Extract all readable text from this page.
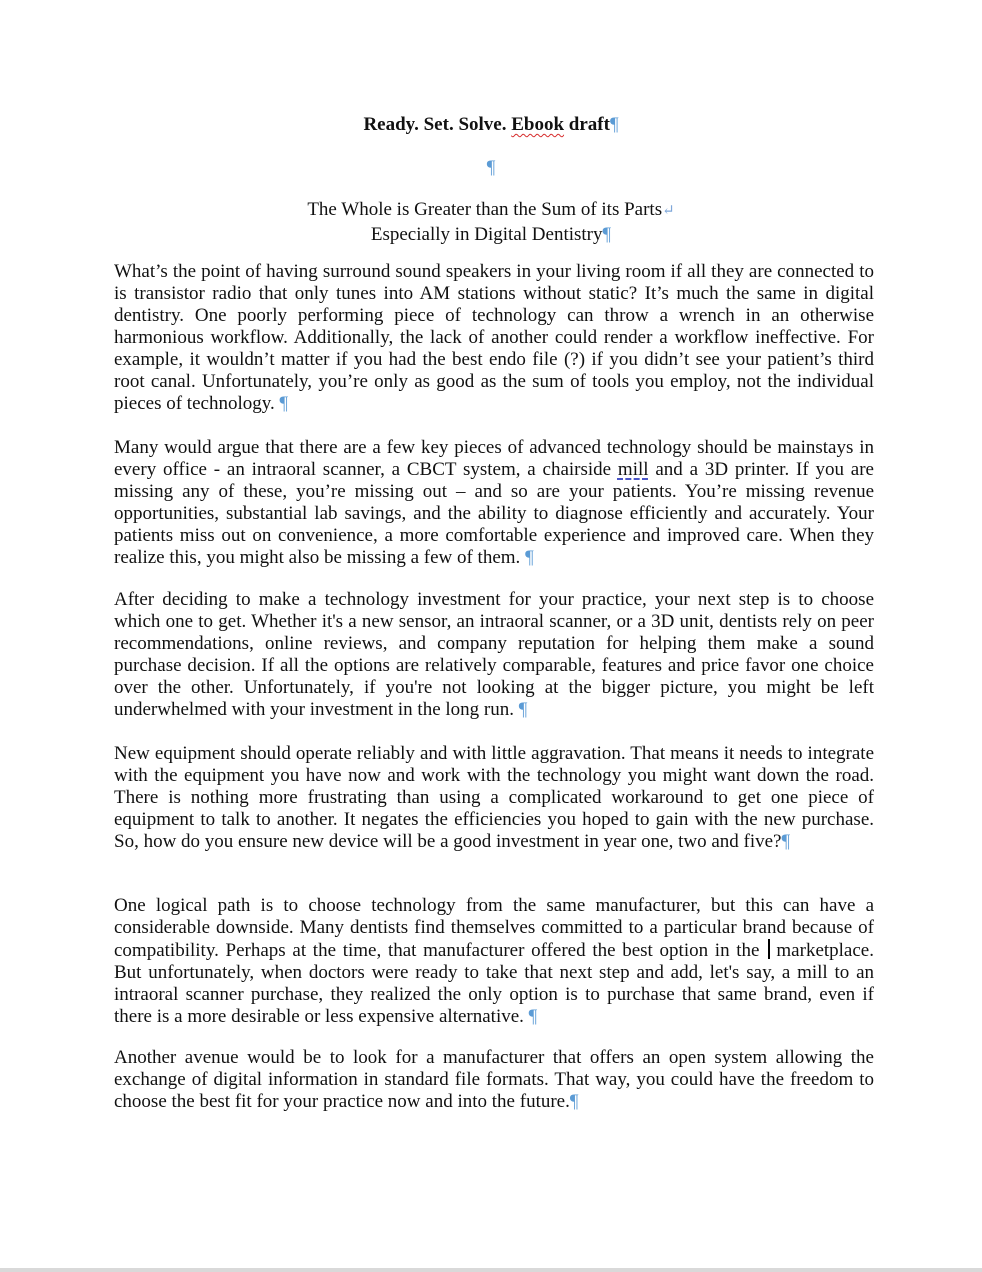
Ready. Set. Solve. Ebook draft¶
¶
The Whole is Greater than the Sum of its Parts↵
Especially in Digital Dentistry¶

What’s the point of having surround sound speakers in your living room if all they are connected to is transistor radio that only tunes into AM stations without static? It’s much the same in digital dentistry. One poorly performing piece of technology can throw a wrench in an otherwise harmonious workflow. Additionally, the lack of another could render a workflow ineffective. For example, it wouldn’t matter if you had the best endo file (?) if you didn’t see your patient’s third root canal. Unfortunately, you’re only as good as the sum of tools you employ, not the individual pieces of technology. ¶

Many would argue that there are a few key pieces of advanced technology should be mainstays in every office - an intraoral scanner, a CBCT system, a chairside mill and a 3D printer. If you are missing any of these, you’re missing out – and so are your patients. You’re missing revenue opportunities, substantial lab savings, and the ability to diagnose efficiently and accurately. Your patients miss out on convenience, a more comfortable experience and improved care. When they realize this, you might also be missing a few of them. ¶

After deciding to make a technology investment for your practice, your next step is to choose which one to get. Whether it's a new sensor, an intraoral scanner, or a 3D unit, dentists rely on peer recommendations, online reviews, and company reputation for helping them make a sound purchase decision. If all the options are relatively comparable, features and price favor one choice over the other. Unfortunately, if you're not looking at the bigger picture, you might be left underwhelmed with your investment in the long run. ¶

New equipment should operate reliably and with little aggravation. That means it needs to integrate with the equipment you have now and work with the technology you might want down the road. There is nothing more frustrating than using a complicated workaround to get one piece of equipment to talk to another. It negates the efficiencies you hoped to gain with the new purchase. So, how do you ensure new device will be a good investment in year one, two and five?¶

One logical path is to choose technology from the same manufacturer, but this can have a considerable downside. Many dentists find themselves committed to a particular brand because of compatibility. Perhaps at the time, that manufacturer offered the best option in the  marketplace. But unfortunately, when doctors were ready to take that next step and add, let's say, a mill to an intraoral scanner purchase, they realized the only option is to purchase that same brand, even if there is a more desirable or less expensive alternative. ¶

Another avenue would be to look for a manufacturer that offers an open system allowing the exchange of digital information in standard file formats. That way, you could have the freedom to choose the best fit for your practice now and into the future.¶
